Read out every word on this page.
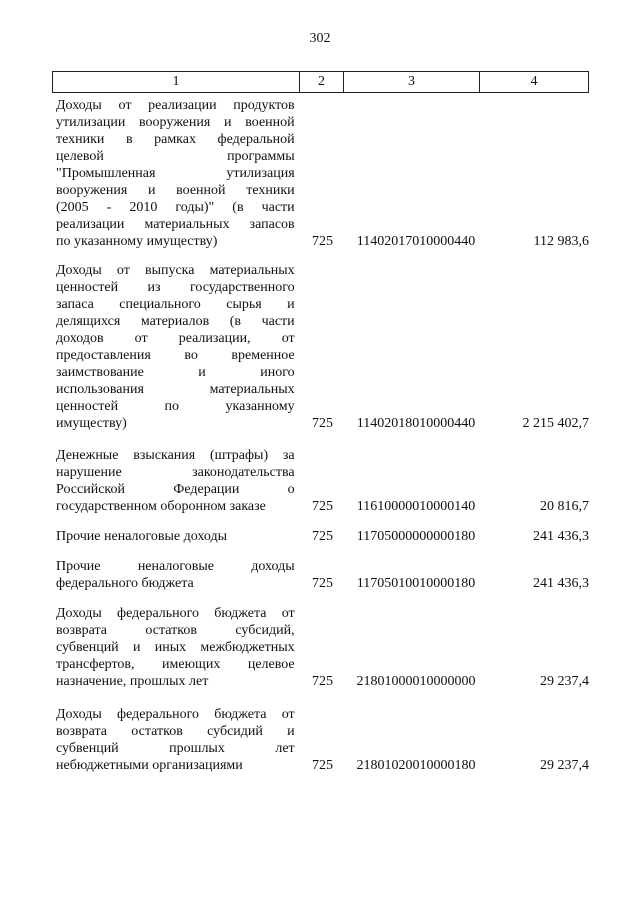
302
1	2	3	4
Доходы от реализации продуктов
утилизации вооружения и военной
техники в рамках федеральной
целевой программы
"Промышленная утилизация
вооружения и военной техники
(2005 - 2010 годы)" (в части
реализации материальных запасов
по указанному имуществу)	725	11402017010000440	112 983,6
Доходы от выпуска материальных
ценностей из государственного
запаса специального сырья и
делящихся материалов (в части
доходов от реализации, от
предоставления во временное
заимствование и иного
использования материальных
ценностей по указанному
имуществу)	725	11402018010000440	2 215 402,7
Денежные взыскания (штрафы) за
нарушение законодательства
Российской Федерации о
государственном оборонном заказе	725	11610000010000140	20 816,7
Прочие неналоговые доходы	725	11705000000000180	241 436,3
Прочие неналоговые доходы
федерального бюджета	725	11705010010000180	241 436,3
Доходы федерального бюджета от
возврата остатков субсидий,
субвенций и иных межбюджетных
трансфертов, имеющих целевое
назначение, прошлых лет	725	21801000010000000	29 237,4
Доходы федерального бюджета от
возврата остатков субсидий и
субвенций прошлых лет
небюджетными организациями	725	21801020010000180	29 237,4
